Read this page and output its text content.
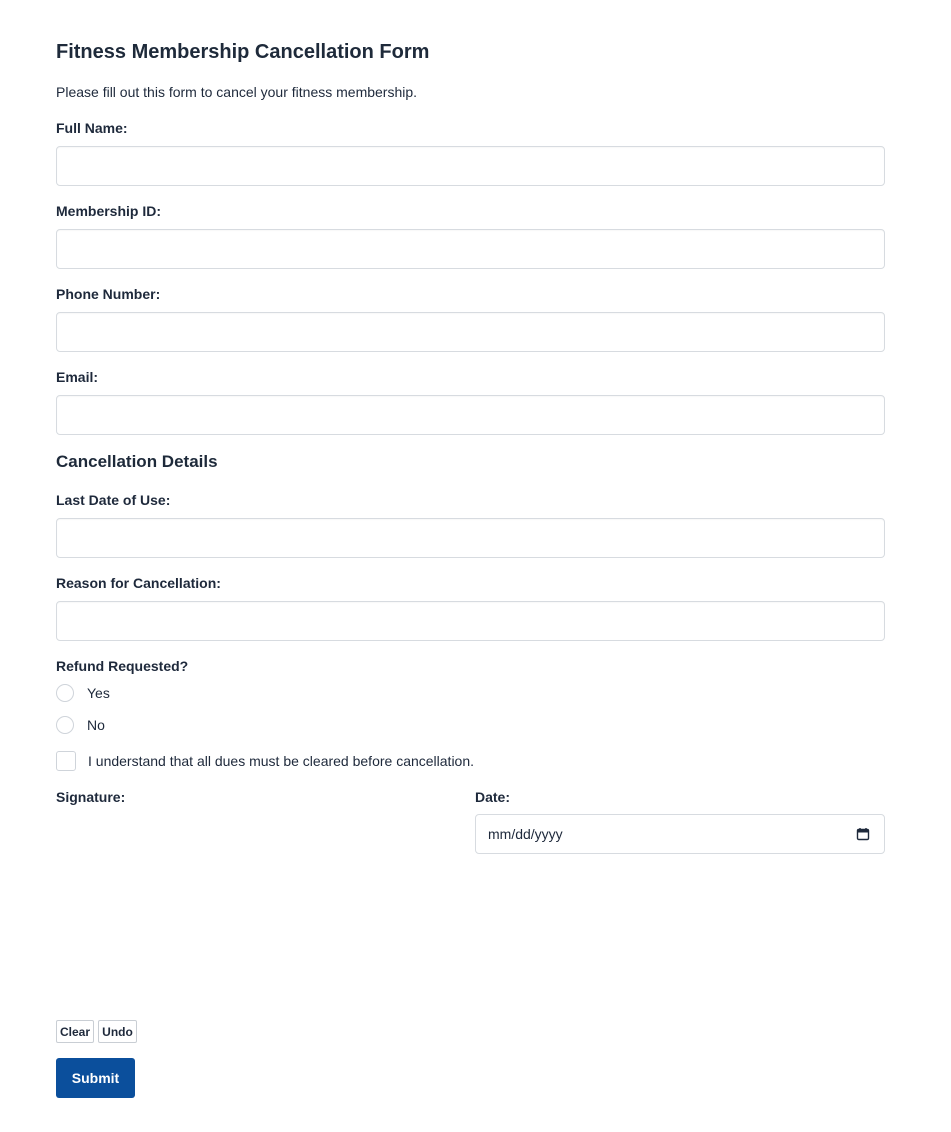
Fitness Membership Cancellation Form
Please fill out this form to cancel your fitness membership.
Full Name:
Membership ID:
Phone Number:
Email:
Cancellation Details
Last Date of Use:
Reason for Cancellation:
Refund Requested?
Yes
No
I understand that all dues must be cleared before cancellation.
Signature:	Date:
mm/dd/yyyy
Clear	Undo
Submit
